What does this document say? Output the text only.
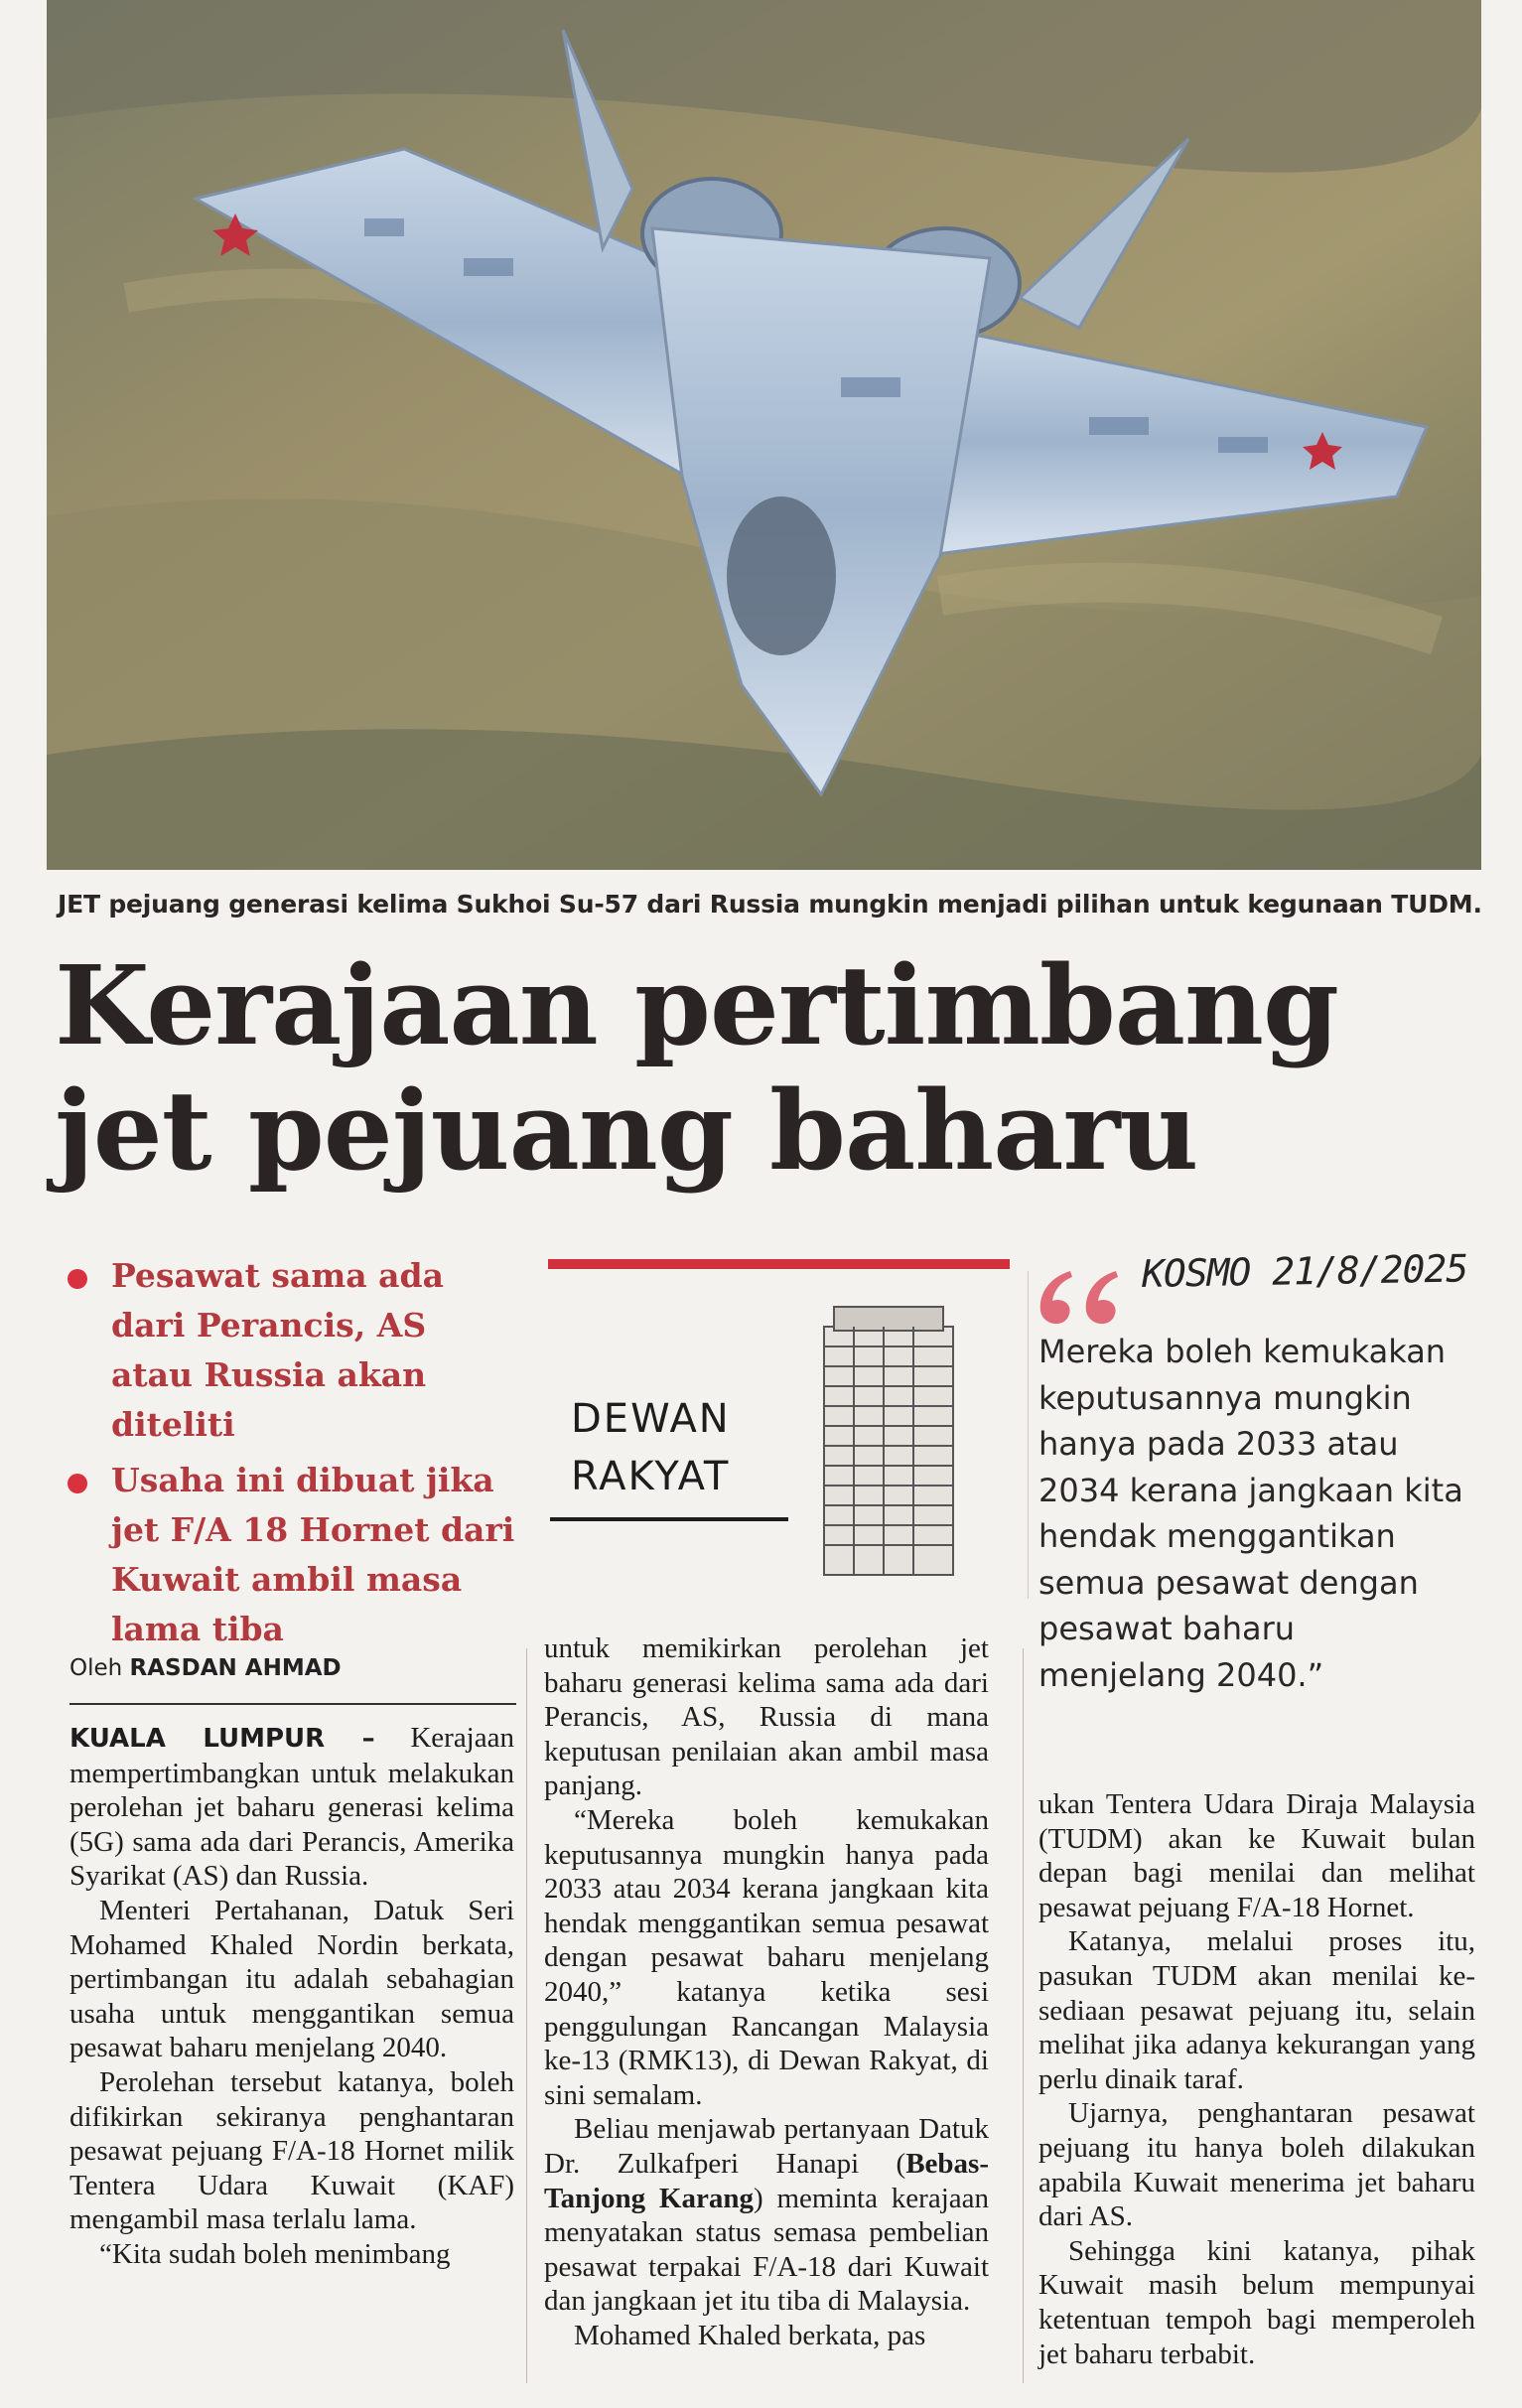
JET pejuang generasi kelima Sukhoi Su-57 dari Russia mungkin menjadi pilihan untuk kegunaan TUDM.
Kerajaan pertimbang
jet pejuang baharu
Pesawat sama ada dari Perancis, AS atau Russia akan diteliti
Usaha ini dibuat jika jet F/A 18 Hornet dari Kuwait ambil masa lama tiba
DEWAN
RAKYAT
KOSMO 21/8/2025
Mereka boleh kemukakan keputusannya mungkin hanya pada 2033 atau 2034 kerana jangkaan kita hendak menggantikan semua pesawat dengan pesawat baharu menjelang 2040.”
Oleh RASDAN AHMAD

KUALA LUMPUR – Kerajaan mempertimbangkan untuk melakukan perolehan jet baharu generasi kelima (5G) sama ada dari Perancis, Amerika Syarikat (AS) dan Russia.

Menteri Pertahanan, Datuk Seri Mohamed Khaled Nordin berkata, pertimbangan itu adalah sebahagian usaha untuk menggantikan semua pesawat baharu menjelang 2040.

Perolehan tersebut katanya, boleh difikirkan sekiranya penghantaran pesawat pejuang F/A-18 Hornet milik Tentera Udara Kuwait (KAF) mengambil masa terlalu lama.

“Kita sudah boleh menimbang

untuk memikirkan perolehan jet baharu generasi kelima sama ada dari Perancis, AS, Russia di mana keputusan penilaian akan ambil masa panjang.

“Mereka boleh kemukakan keputusannya mungkin hanya pada 2033 atau 2034 kerana jangkaan kita hendak menggantikan semua pesawat dengan pesawat baharu menjelang 2040,” katanya ketika sesi penggulungan Rancangan Malaysia ke-13 (RMK13), di Dewan Rakyat, di sini semalam.

Beliau menjawab pertanyaan Datuk Dr. Zulkafperi Hanapi (Bebas-Tanjong Karang) meminta kerajaan menyatakan status semasa pembelian pesawat terpakai F/A-18 dari Kuwait dan jangkaan jet itu tiba di Malaysia.

Mohamed Khaled berkata, pas

ukan Tentera Udara Diraja Malaysia (TUDM) akan ke Kuwait bulan depan bagi menilai dan melihat pesawat pejuang F/A-18 Hornet.

Katanya, melalui proses itu, pasukan TUDM akan menilai kesediaan pesawat pejuang itu, selain melihat jika adanya kekurangan yang perlu dinaik taraf.

Ujarnya, penghantaran pesawat pejuang itu hanya boleh dilakukan apabila Kuwait menerima jet baharu dari AS.

Sehingga kini katanya, pihak Kuwait masih belum mempunyai ketentuan tempoh bagi memperoleh jet baharu terbabit.
